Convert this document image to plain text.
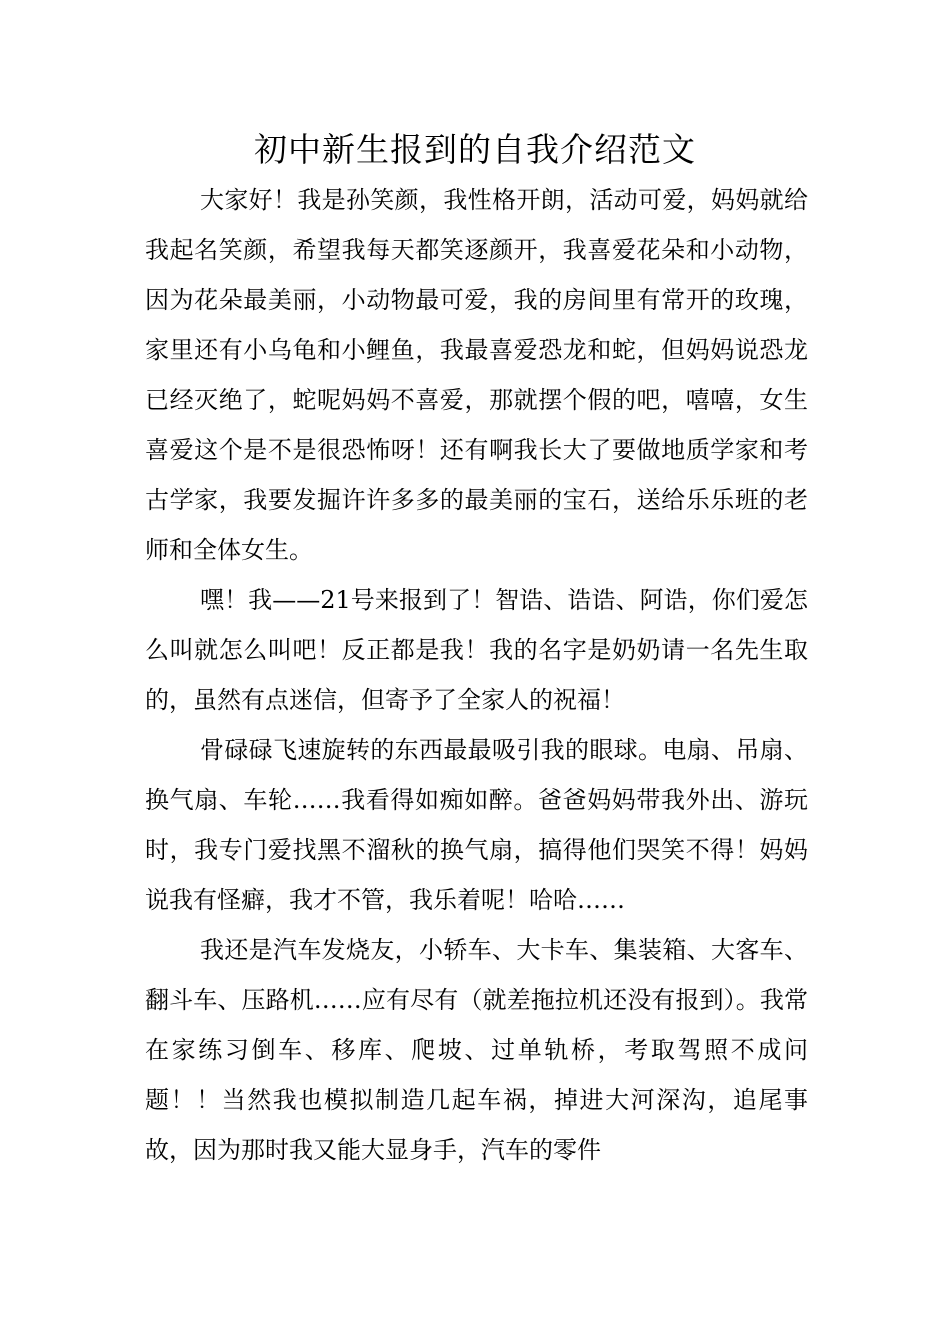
初中新生报到的自我介绍范文

大家好！我是孙笑颜，我性格开朗，活动可爱，妈妈就给我起名笑颜，希望我每天都笑逐颜开，我喜爱花朵和小动物，因为花朵最美丽，小动物最可爱，我的房间里有常开的玫瑰，家里还有小乌龟和小鲤鱼，我最喜爱恐龙和蛇，但妈妈说恐龙已经灭绝了，蛇呢妈妈不喜爱，那就摆个假的吧，嘻嘻，女生喜爱这个是不是很恐怖呀！还有啊我长大了要做地质学家和考古学家，我要发掘许许多多的最美丽的宝石，送给乐乐班的老师和全体女生。

嘿！我——21号来报到了！智诰、诰诰、阿诰，你们爱怎么叫就怎么叫吧！反正都是我！我的名字是奶奶请一名先生取的，虽然有点迷信，但寄予了全家人的祝福！

骨碌碌飞速旋转的东西最最吸引我的眼球。电扇、吊扇、换气扇、车轮……我看得如痴如醉。爸爸妈妈带我外出、游玩时，我专门爱找黑不溜秋的换气扇，搞得他们哭笑不得！妈妈说我有怪癖，我才不管，我乐着呢！哈哈……

我还是汽车发烧友，小轿车、大卡车、集装箱、大客车、翻斗车、压路机……应有尽有（就差拖拉机还没有报到）。我常在家练习倒车、移库、爬坡、过单轨桥，考取驾照不成问题！！当然我也模拟制造几起车祸，掉进大河深沟，追尾事故，因为那时我又能大显身手，汽车的零件
